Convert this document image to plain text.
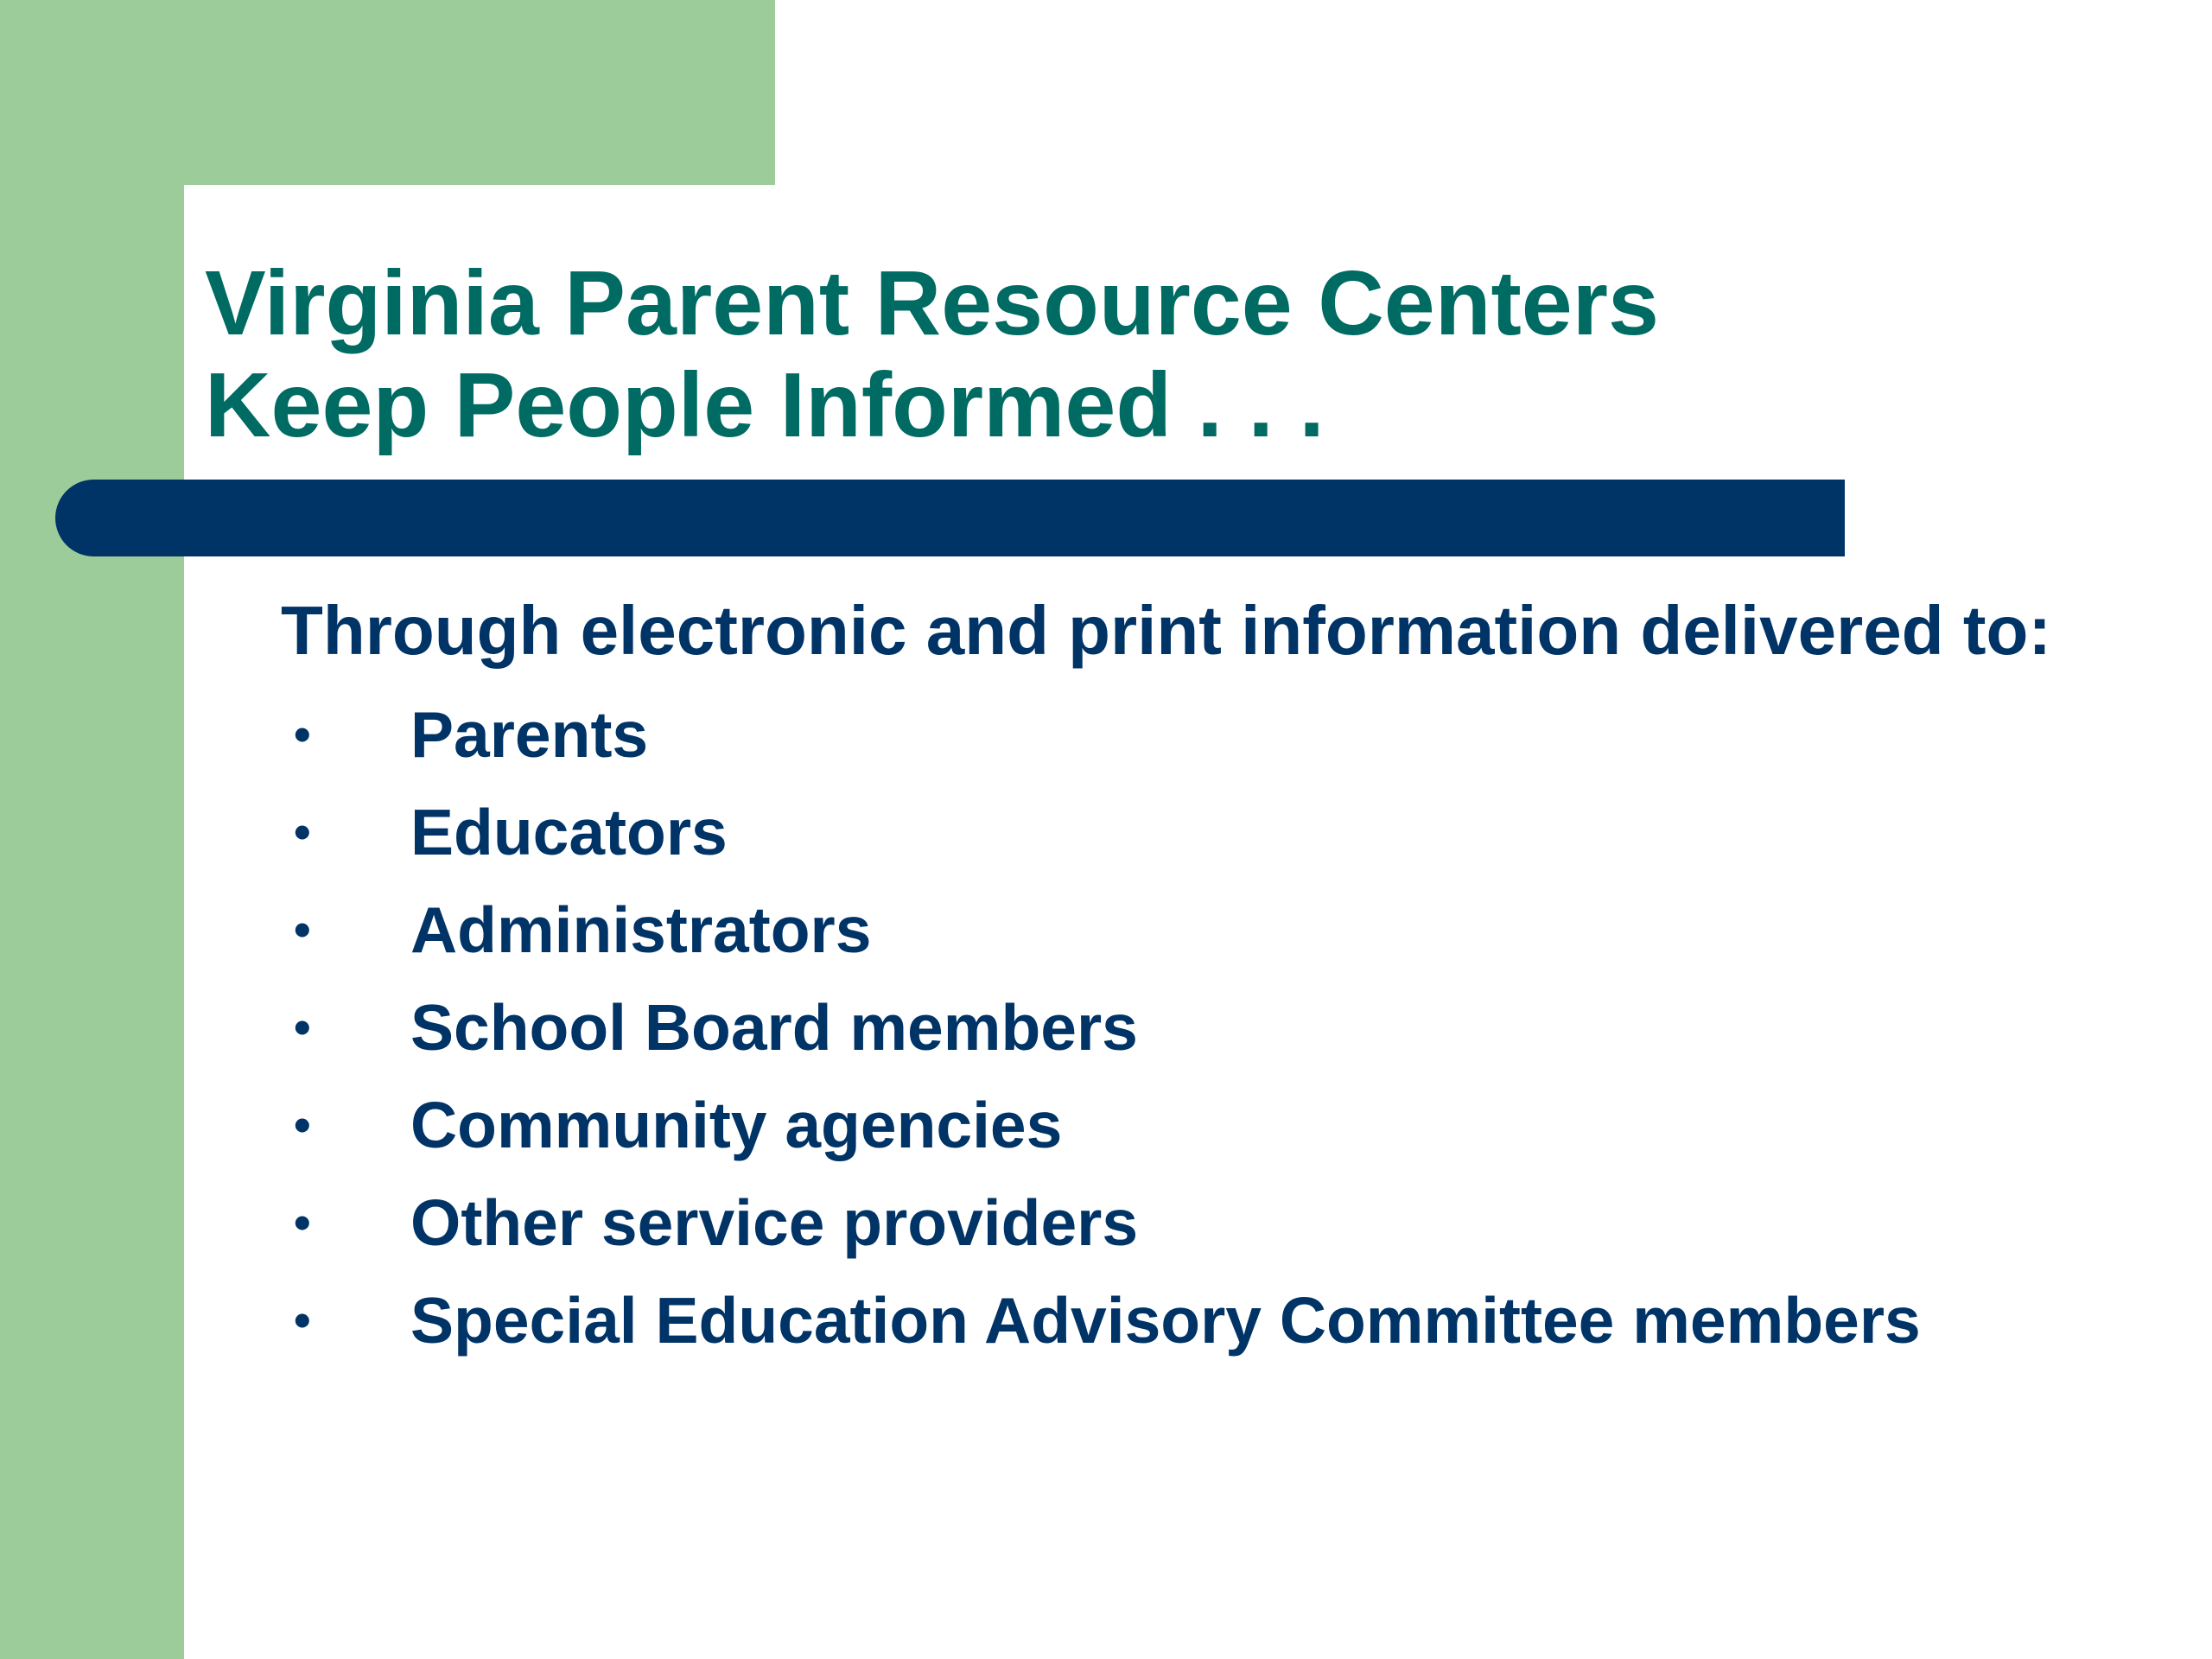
Virginia Parent Resource Centers
Keep People Informed . . .

Through electronic and print information delivered to:

• Parents
• Educators
• Administrators
• School Board members
• Community agencies
• Other service providers
• Special Education Advisory Committee members
